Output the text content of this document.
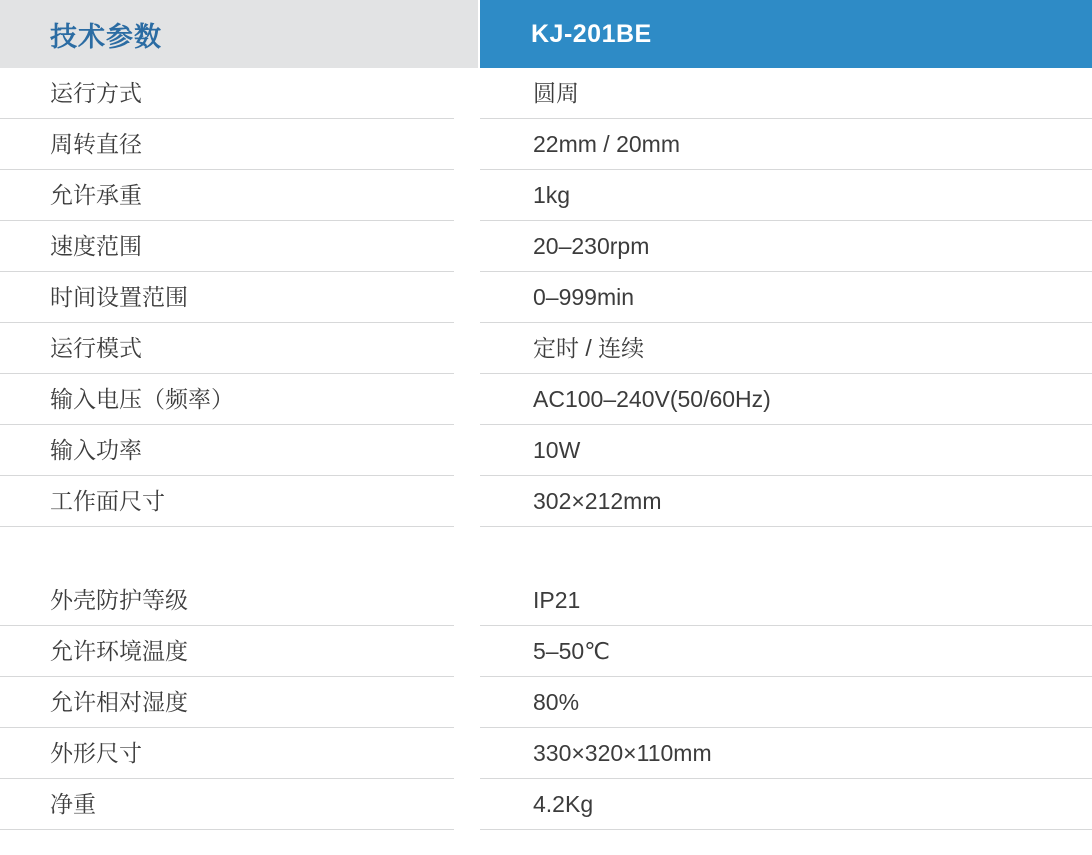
技术参数	KJ-201BE

运行方式	圆周

周转直径	22mm / 20mm

允许承重	1kg

速度范围	20–230rpm

时间设置范围	0–999min

运行模式	定时 / 连续

输入电压（频率）	AC100–240V(50/60Hz)

输入功率	10W

工作面尺寸	302×212mm

外壳防护等级	IP21

允许环境温度	5–50℃

允许相对湿度	80%

外形尺寸	330×320×110mm

净重	4.2Kg
